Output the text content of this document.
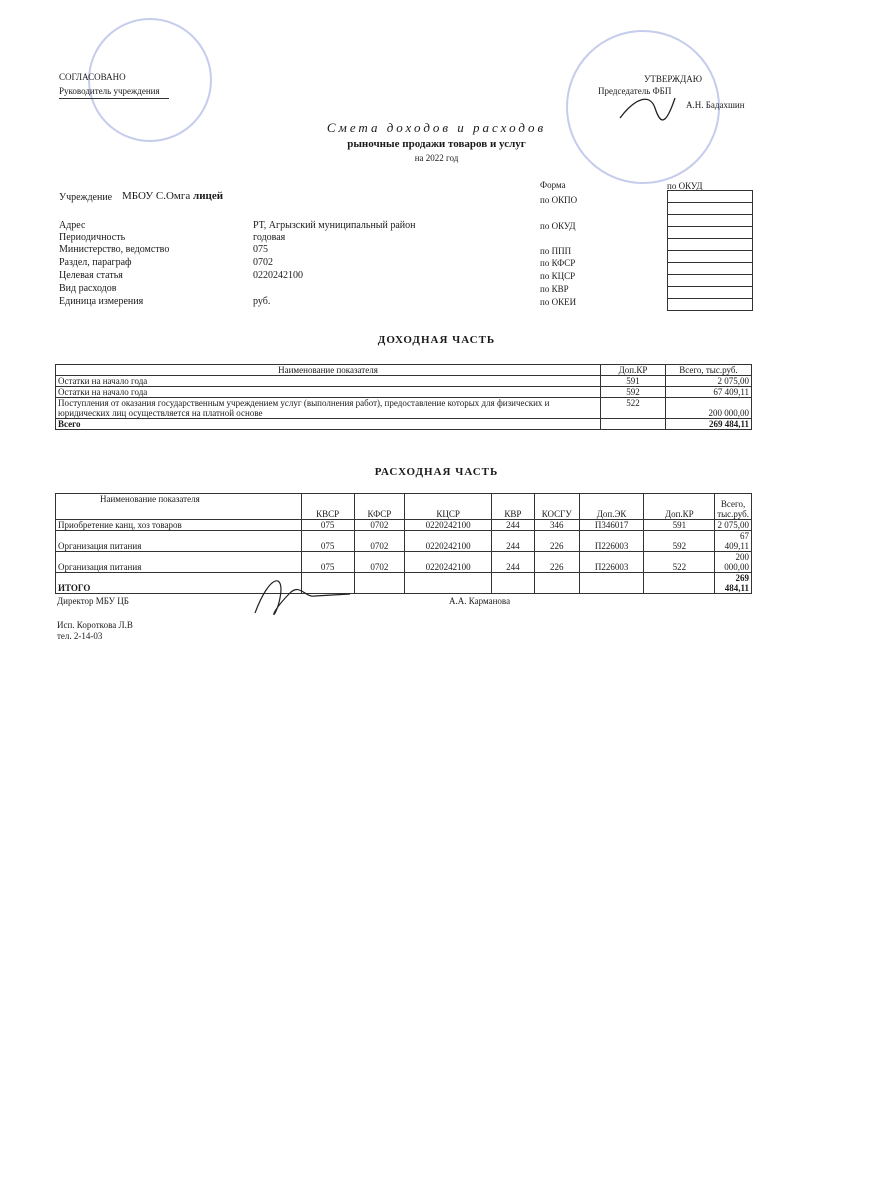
СОГЛАСОВАНО
Руководитель учреждения
УТВЕРЖДАЮ
Председатель ФБП
А.Н. Бадахшин
Смета доходов и расходов
рыночные продажи товаров и услуг
на 2022 год
Форма	по ОКУД
по ОКПО
по ОКУД
по ППП
по КФСР
по КЦСР
по КВР
по ОКЕИ

Учреждение МБОУ С.Омга лицей
Адрес	РТ, Агрызский муниципальный район
Периодичность	годовая
Министерство, ведомство	075
Раздел, параграф	0702
Целевая статья	0220242100
Вид расходов
Единица измерения	руб.
ДОХОДНАЯ ЧАСТЬ
Наименование показателя	Доп.КР	Всего, тыс.руб.
Остатки на начало года	591	2 075,00
Остатки на начало года	592	67 409,11
Поступления от оказания государственным учреждением услуг (выполнения работ), предоставление которых для физических и юридических лиц осуществляется на платной основе	522	200 000,00
Всего		269 484,11
РАСХОДНАЯ ЧАСТЬ
Наименование показателя	КВСР	КФСР	КЦСР	КВР	КОСГУ	Доп.ЭК	Доп.КР	Всего, тыс.руб.
Приобретение канц, хоз товаров	075	0702	0220242100	244	346	П346017	591	2 075,00
Организация питания	075	0702	0220242100	244	226	П226003	592	67 409,11
Организация питания	075	0702	0220242100	244	226	П226003	522	200 000,00
ИТОГО								269 484,11
Директор МБУ ЦБ	А.А. Карманова
Исп. Короткова Л.В
тел. 2-14-03
